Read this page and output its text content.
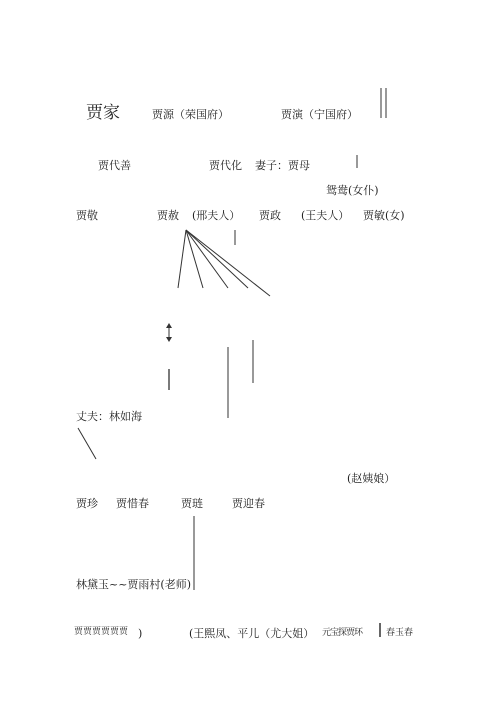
贾家	贾源（荣国府）	贾演（宁国府）
贾代善	贾代化 妻子：贾母
鸳鸯(女仆)
贾敬	贾赦 (邢夫人） 贾政 (王夫人） 贾敏(女)
丈夫：林如海
(赵姨娘）
贾珍 贾惜春	贾琏	贾迎春
林黛玉~~贾雨村(老师)
贾贾贾贾贾贾 )	(王熙凤、平儿（尤大姐） 元宝探贾环	春玉春
